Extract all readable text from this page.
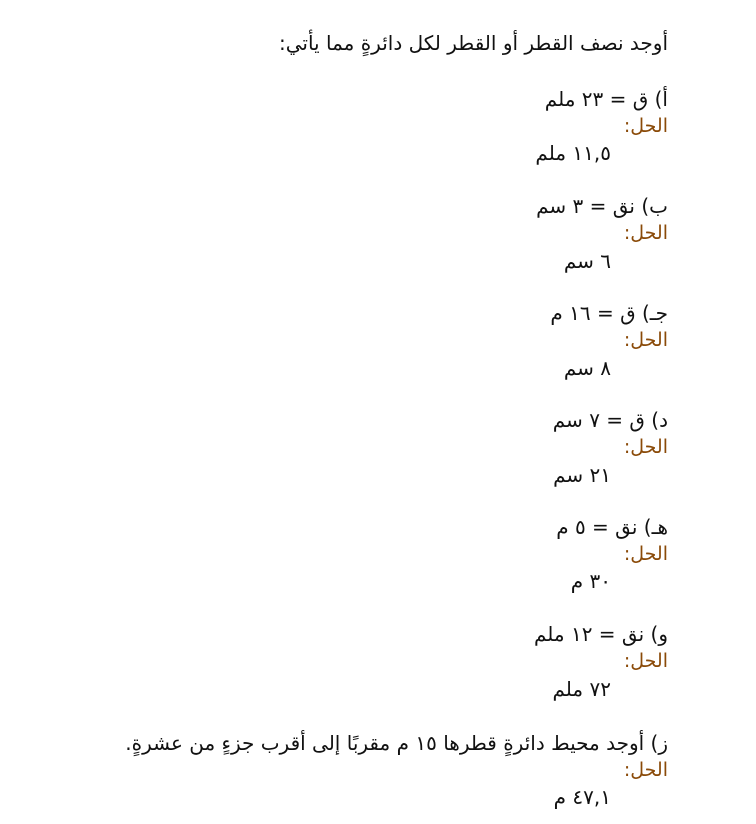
أوجد نصف القطر أو القطر لكل دائرةٍ مما يأتي:
أ) ق = ٢٣ ملم
الحل:
١١,٥ ملم
ب) نق = ٣ سم
الحل:
٦ سم
جـ) ق = ١٦ م
الحل:
٨ سم
د) ق = ٧ سم
الحل:
٢١ سم
هـ) نق = ٥ م
الحل:
٣٠ م
و) نق = ١٢ ملم
الحل:
٧٢ ملم
ز) أوجد محيط دائرةٍ قطرها ١٥ م مقربًا إلى أقرب جزءٍ من عشرةٍ.
الحل:
٤٧,١ م
